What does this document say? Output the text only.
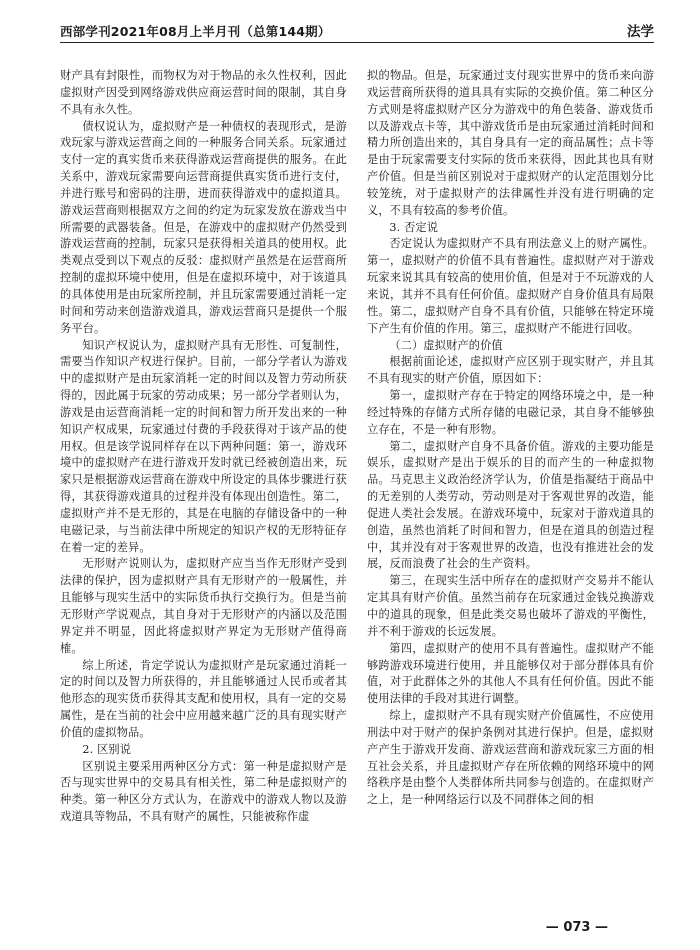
西部学刊2021年08月上半月刊（总第144期）	法学

财产具有封限性，而物权为对于物品的永久性权利，因此虚拟财产因受到网络游戏供应商运营时间的限制，其自身不具有永久性。

债权说认为，虚拟财产是一种债权的表现形式，是游戏玩家与游戏运营商之间的一种服务合同关系。玩家通过支付一定的真实货币来获得游戏运营商提供的服务。在此关系中，游戏玩家需要向运营商提供真实货币进行支付，并进行账号和密码的注册，进而获得游戏中的虚拟道具。游戏运营商则根据双方之间的约定为玩家发放在游戏当中所需要的武器装备。但是，在游戏中的虚拟财产仍然受到游戏运营商的控制，玩家只是获得相关道具的使用权。此类观点受到以下观点的反驳：虚拟财产虽然是在运营商所控制的虚拟环境中使用，但是在虚拟环境中，对于该道具的具体使用是由玩家所控制，并且玩家需要通过消耗一定时间和劳动来创造游戏道具，游戏运营商只是提供一个服务平台。

知识产权说认为，虚拟财产具有无形性、可复制性，需要当作知识产权进行保护。目前，一部分学者认为游戏中的虚拟财产是由玩家消耗一定的时间以及智力劳动所获得的，因此属于玩家的劳动成果；另一部分学者则认为，游戏是由运营商消耗一定的时间和智力所开发出来的一种知识产权成果，玩家通过付费的手段获得对于该产品的使用权。但是该学说同样存在以下两种问题：第一，游戏环境中的虚拟财产在进行游戏开发时就已经被创造出来，玩家只是根据游戏运营商在游戏中所设定的具体步骤进行获得，其获得游戏道具的过程并没有体现出创造性。第二，虚拟财产并不是无形的，其是在电脑的存储设备中的一种电磁记录，与当前法律中所规定的知识产权的无形特征存在着一定的差异。

无形财产说则认为，虚拟财产应当当作无形财产受到法律的保护，因为虚拟财产具有无形财产的一般属性，并且能够与现实生活中的实际货币执行交换行为。但是当前无形财产学说观点，其自身对于无形财产的内涵以及范围界定并不明显，因此将虚拟财产界定为无形财产值得商榷。

综上所述，肯定学说认为虚拟财产是玩家通过消耗一定的时间以及智力所获得的，并且能够通过人民币或者其他形态的现实货币获得其支配和使用权，具有一定的交易属性，是在当前的社会中应用越来越广泛的具有现实财产价值的虚拟物品。

2. 区别说

区别说主要采用两种区分方式：第一种是虚拟财产是否与现实世界中的交易具有相关性，第二种是虚拟财产的种类。第一种区分方式认为，在游戏中的游戏人物以及游戏道具等物品，不具有财产的属性，只能被称作虚

拟的物品。但是，玩家通过支付现实世界中的货币来向游戏运营商所获得的道具具有实际的交换价值。第二种区分方式则是将虚拟财产区分为游戏中的角色装备、游戏货币以及游戏点卡等，其中游戏货币是由玩家通过消耗时间和精力所创造出来的，其自身具有一定的商品属性；点卡等是由于玩家需要支付实际的货币来获得，因此其也具有财产价值。但是当前区别说对于虚拟财产的认定范围划分比较笼统，对于虚拟财产的法律属性并没有进行明确的定义，不具有较高的参考价值。

3. 否定说

否定说认为虚拟财产不具有刑法意义上的财产属性。第一，虚拟财产的价值不具有普遍性。虚拟财产对于游戏玩家来说其具有较高的使用价值，但是对于不玩游戏的人来说，其并不具有任何价值。虚拟财产自身价值具有局限性。第二，虚拟财产自身不具有价值，只能够在特定环境下产生有价值的作用。第三，虚拟财产不能进行回收。

（二）虚拟财产的价值

根据前面论述，虚拟财产应区别于现实财产，并且其不具有现实的财产价值，原因如下：

第一，虚拟财产存在于特定的网络环境之中，是一种经过特殊的存储方式所存储的电磁记录，其自身不能够独立存在，不是一种有形物。

第二，虚拟财产自身不具备价值。游戏的主要功能是娱乐，虚拟财产是出于娱乐的目的而产生的一种虚拟物品。马克思主义政治经济学认为，价值是指凝结于商品中的无差别的人类劳动，劳动则是对于客观世界的改造，能促进人类社会发展。在游戏环境中，玩家对于游戏道具的创造，虽然也消耗了时间和智力，但是在道具的创造过程中，其并没有对于客观世界的改造，也没有推进社会的发展，反而浪费了社会的生产资料。

第三，在现实生活中所存在的虚拟财产交易并不能认定其具有财产价值。虽然当前存在玩家通过金钱兑换游戏中的道具的现象，但是此类交易也破坏了游戏的平衡性，并不利于游戏的长远发展。

第四，虚拟财产的使用不具有普遍性。虚拟财产不能够跨游戏环境进行使用，并且能够仅对于部分群体具有价值，对于此群体之外的其他人不具有任何价值。因此不能使用法律的手段对其进行调整。

综上，虚拟财产不具有现实财产价值属性，不应使用刑法中对于财产的保护条例对其进行保护。但是，虚拟财产产生于游戏开发商、游戏运营商和游戏玩家三方面的相互社会关系，并且虚拟财产存在所依赖的网络环境中的网络秩序是由整个人类群体所共同参与创造的。在虚拟财产之上，是一种网络运行以及不同群体之间的相

— 073 —
